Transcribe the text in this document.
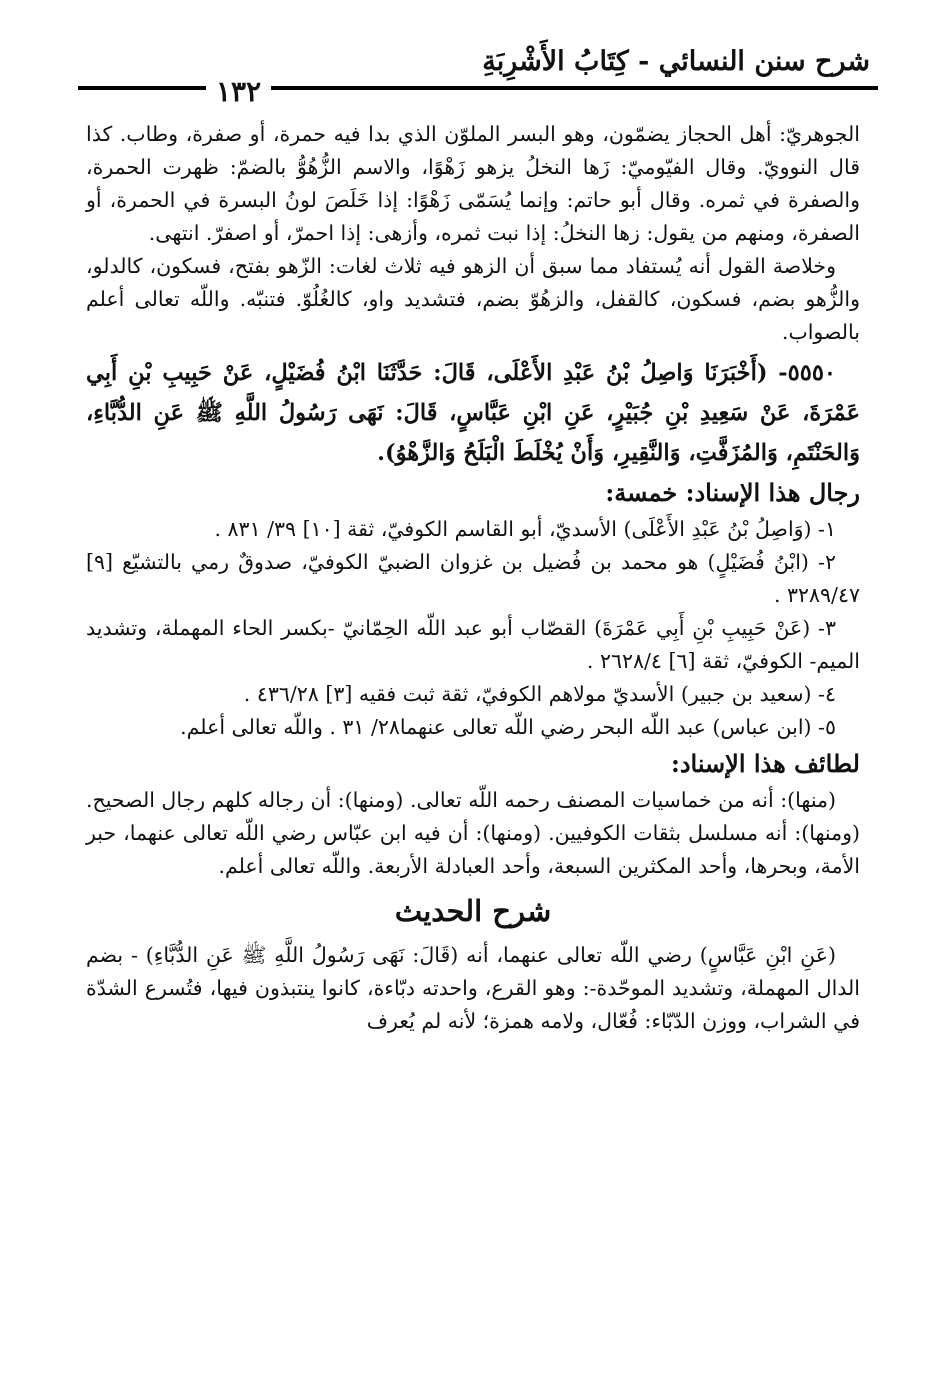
شرح سنن النسائي - كِتَابُ الأَشْرِبَةِ
١٣٢

الجوهريّ: أهل الحجاز يضمّون، وهو البسر الملوّن الذي بدا فيه حمرة، أو صفرة، وطاب. كذا قال النوويّ. وقال الفيّوميّ: زَها النخلُ يزهو زَهْوًا، والاسم الزُّهُوُّ بالضمّ: ظهرت الحمرة، والصفرة في ثمره. وقال أبو حاتم: وإنما يُسَمّى زَهْوًا: إذا خَلَصَ لونُ البسرة في الحمرة، أو الصفرة، ومنهم من يقول: زها النخلُ: إذا نبت ثمره، وأزهى: إذا احمرّ، أو اصفرّ. انتهى.

وخلاصة القول أنه يُستفاد مما سبق أن الزهو فيه ثلاث لغات: الزّهو بفتح، فسكون، كالدلو، والزُّهو بضم، فسكون، كالقفل، والزهُوّ بضم، فتشديد واو، كالغُلُوّ. فتنبّه. واللّه تعالى أعلم بالصواب.

٥٥٥٠- (أَخْبَرَنَا وَاصِلُ بْنُ عَبْدِ الأَعْلَى، قَالَ: حَدَّثَنَا ابْنُ فُضَيْلٍ، عَنْ حَبِيبِ بْنِ أَبِي عَمْرَةَ، عَنْ سَعِيدِ بْنِ جُبَيْرٍ، عَنِ ابْنِ عَبَّاسٍ، قَالَ: نَهَى رَسُولُ اللَّهِ ﷺ عَنِ الدُّبَّاءِ، وَالحَنْتَمِ، وَالمُزَفَّتِ، وَالنَّقِيرِ، وَأَنْ يُخْلَطَ الْبَلَحُ وَالزَّهْوُ).

رجال هذا الإسناد: خمسة:

١- (وَاصِلُ بْنُ عَبْدِ الأَعْلَى) الأسديّ، أبو القاسم الكوفيّ، ثقة [١٠] ٣٩/ ٨٣١ .

٢- (ابْنُ فُضَيْلٍ) هو محمد بن فُضيل بن غزوان الضبيّ الكوفيّ، صدوقٌ رمي بالتشيّع [٩] ٣٢٨٩/٤٧ .

٣- (عَنْ حَبِيبِ بْنِ أَبِي عَمْرَةَ) القصّاب أبو عبد اللّه الحِمّانيّ -بكسر الحاء المهملة، وتشديد الميم- الكوفيّ، ثقة [٦] ٢٦٢٨/٤ .

٤- (سعيد بن جبير) الأسديّ مولاهم الكوفيّ، ثقة ثبت فقيه [٣] ٤٣٦/٢٨ .

٥- (ابن عباس) عبد اللّه البحر رضي اللّه تعالى عنهما٢٨/ ٣١ . واللّه تعالى أعلم.

لطائف هذا الإسناد:

(منها): أنه من خماسيات المصنف رحمه اللّه تعالى. (ومنها): أن رجاله كلهم رجال الصحيح. (ومنها): أنه مسلسل بثقات الكوفيين. (ومنها): أن فيه ابن عبّاس رضي اللّه تعالى عنهما، حبر الأمة، وبحرها، وأحد المكثرين السبعة، وأحد العبادلة الأربعة. واللّه تعالى أعلم.

شرح الحديث

(عَنِ ابْنِ عَبَّاسٍ) رضي اللّه تعالى عنهما، أنه (قَالَ: نَهَى رَسُولُ اللَّهِ ﷺ عَنِ الدُّبَّاءِ) - بضم الدال المهملة، وتشديد الموحّدة-: وهو القرع، واحدته دبّاءة، كانوا ينتبذون فيها، فتُسرع الشدّة في الشراب، ووزن الدّبّاء: فُعّال، ولامه همزة؛ لأنه لم يُعرف
